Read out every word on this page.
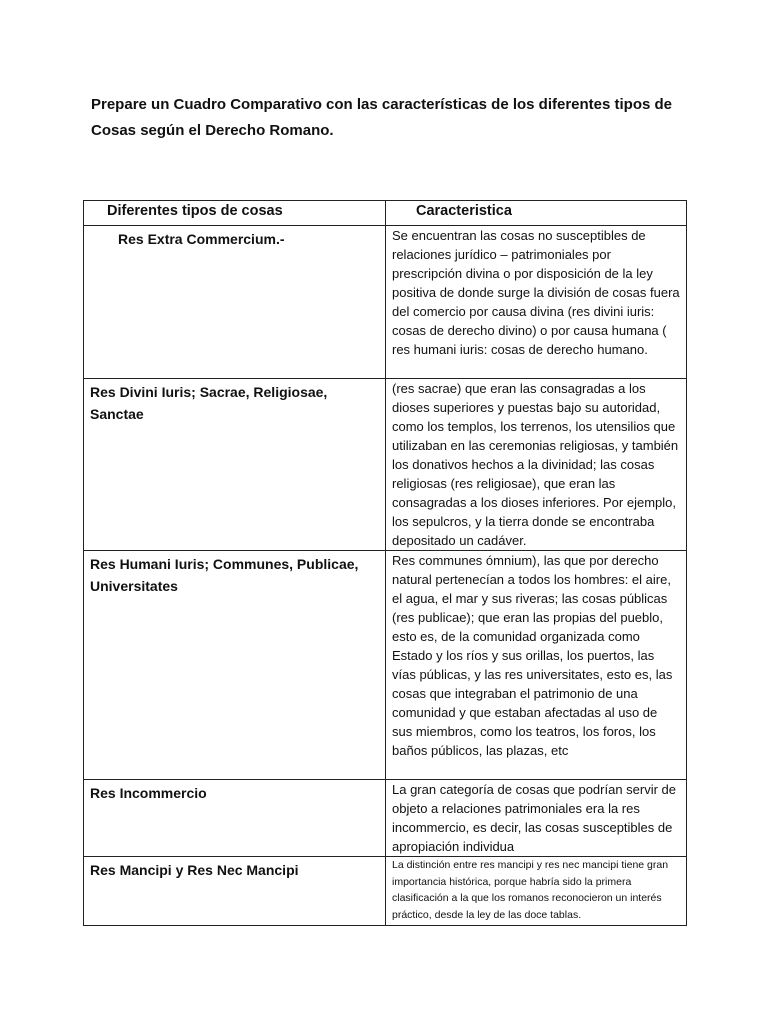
Prepare un Cuadro Comparativo con las características de los diferentes tipos de Cosas según el Derecho Romano.

Diferentes tipos de cosas	Caracteristica
Res Extra Commercium.-	Se encuentran las cosas no susceptibles de relaciones jurídico – patrimoniales por prescripción divina o por disposición de la ley positiva de donde surge la división de cosas fuera del comercio por causa divina (res divini iuris: cosas de derecho divino) o por causa humana ( res humani iuris: cosas de derecho humano.
Res Divini Iuris; Sacrae, Religiosae, Sanctae	(res sacrae) que eran las consagradas a los dioses superiores y puestas bajo su autoridad, como los templos, los terrenos, los utensilios que utilizaban en las ceremonias religiosas, y también los donativos hechos a la divinidad; las cosas religiosas (res religiosae), que eran las consagradas a los dioses inferiores. Por ejemplo, los sepulcros, y la tierra donde se encontraba depositado un cadáver.
Res Humani Iuris; Communes, Publicae, Universitates	Res communes ómnium), las que por derecho natural pertenecían a todos los hombres: el aire, el agua, el mar y sus riveras; las cosas públicas (res publicae); que eran las propias del pueblo, esto es, de la comunidad organizada como Estado y los ríos y sus orillas, los puertos, las vías públicas, y las res universitates, esto es, las cosas que integraban el patrimonio de una comunidad y que estaban afectadas al uso de sus miembros, como los teatros, los foros, los baños públicos, las plazas, etc
Res Incommercio	La gran categoría de cosas que podrían servir de objeto a relaciones patrimoniales era la res incommercio, es decir, las cosas susceptibles de apropiación individua
Res Mancipi y Res Nec Mancipi	La distinción entre res mancipi y res nec mancipi tiene gran importancia histórica, porque habría sido la primera clasificación a la que los romanos reconocieron un interés práctico, desde la ley de las doce tablas.
